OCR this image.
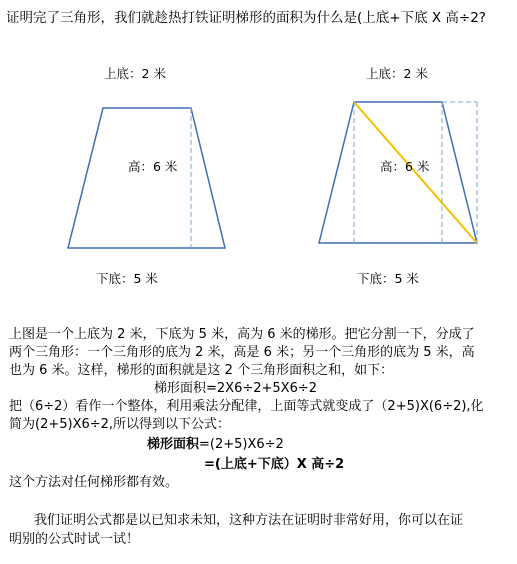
证明完了三角形，我们就趁热打铁证明梯形的面积为什么是(上底+下底 X 高÷2?
上底：2 米
高：6 米
下底：5 米
上底：2 米
高：6 米
下底：5 米
上图是一个上底为 2 米，下底为 5 米，高为 6 米的梯形。把它分割一下，分成了
两个三角形：一个三角形的底为 2 米，高是 6 米；另一个三角形的底为 5 米，高
也为 6 米。这样，梯形的面积就是这 2 个三角形面积之和，如下：
梯形面积=2X6÷2+5X6÷2
把（6÷2）看作一个整体，利用乘法分配律，上面等式就变成了（2+5)X(6÷2),化
简为(2+5)X6÷2,所以得到以下公式：
梯形面积=(2+5)X6÷2
=(上底+下底）X 高÷2
这个方法对任何梯形都有效。
我们证明公式都是以已知求未知，这种方法在证明时非常好用，你可以在证
明别的公式时试一试！
